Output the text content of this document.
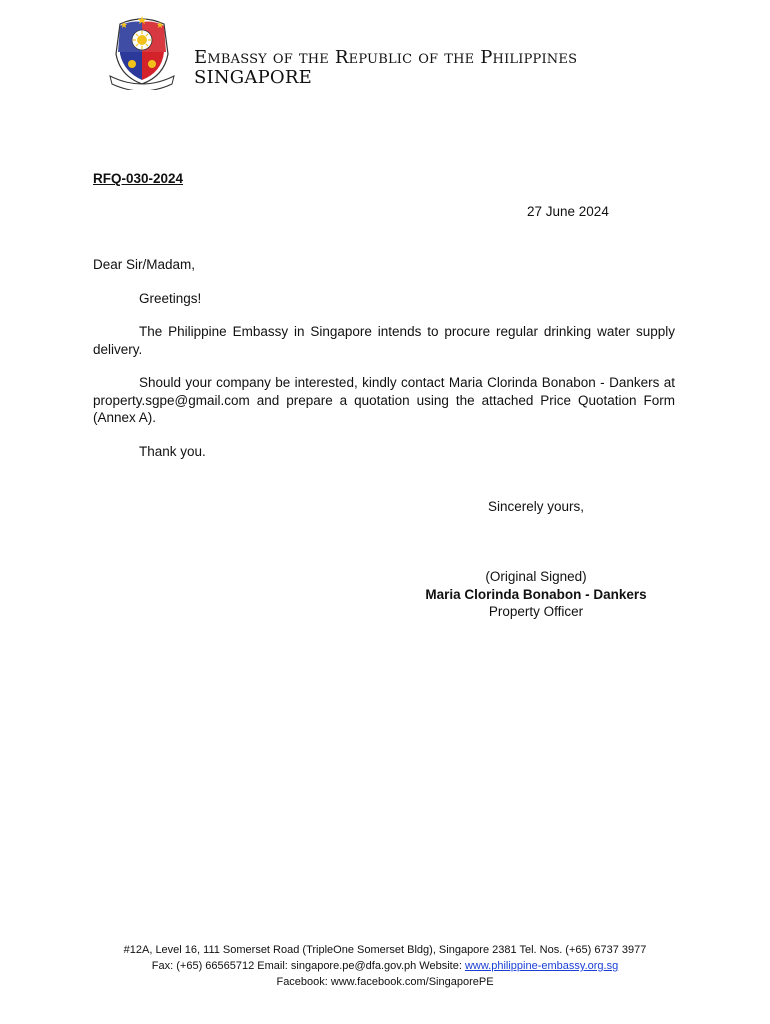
Embassy of the Republic of the Philippines
SINGAPORE
RFQ-030-2024
27 June 2024

Dear Sir/Madam,

Greetings!

The Philippine Embassy in Singapore intends to procure regular drinking water supply delivery.

Should your company be interested, kindly contact Maria Clorinda Bonabon - Dankers at property.sgpe@gmail.com and prepare a quotation using the attached Price Quotation Form (Annex A).

Thank you.

Sincerely yours,
(Original Signed)
Maria Clorinda Bonabon - Dankers
Property Officer
#12A, Level 16, 111 Somerset Road (TripleOne Somerset Bldg), Singapore 2381 Tel. Nos. (+65) 6737 3977
Fax: (+65) 66565712 Email: singapore.pe@dfa.gov.ph Website: www.philippine-embassy.org.sg
Facebook: www.facebook.com/SingaporePE
